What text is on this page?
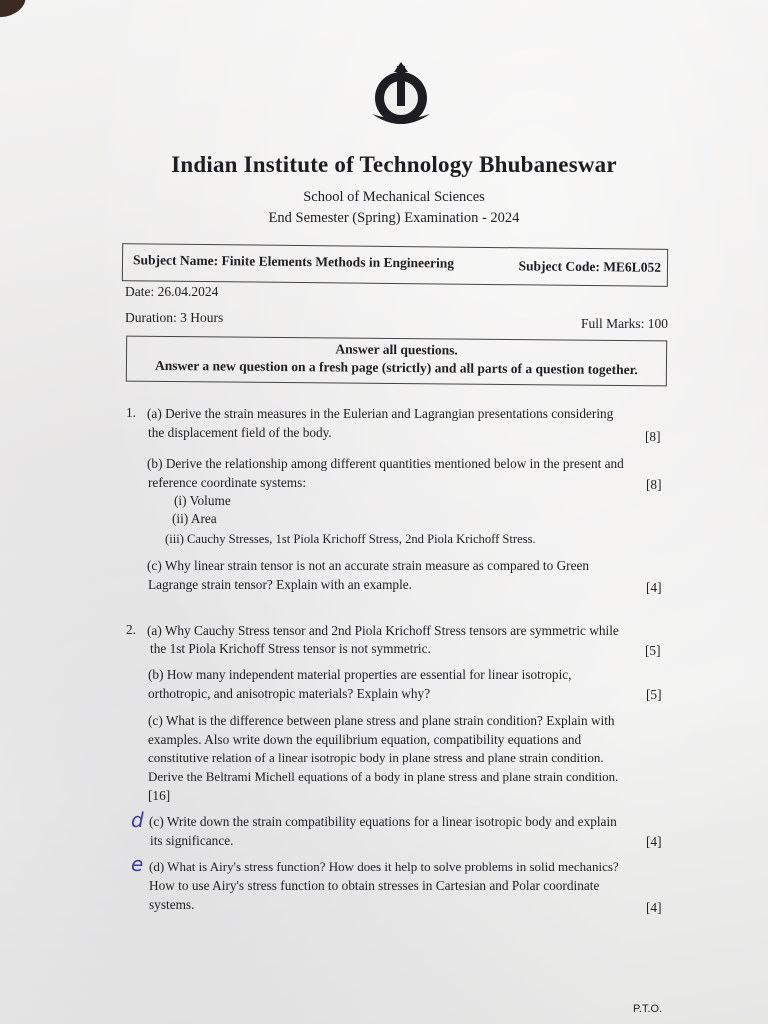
Indian Institute of Technology Bhubaneswar
School of Mechanical Sciences
End Semester (Spring) Examination - 2024
Subject Name: Finite Elements Methods in Engineering	Subject Code: ME6L052
Date: 26.04.2024
Duration: 3 Hours	Full Marks: 100
Answer all questions.
Answer a new question on a fresh page (strictly) and all parts of a question together.
1. (a) Derive the strain measures in the Eulerian and Lagrangian presentations considering
the displacement field of the body.	[8]
(b) Derive the relationship among different quantities mentioned below in the present and
reference coordinate systems:	[8]
(i) Volume
(ii) Area
(iii) Cauchy Stresses, 1st Piola Krichoff Stress, 2nd Piola Krichoff Stress.
(c) Why linear strain tensor is not an accurate strain measure as compared to Green
Lagrange strain tensor? Explain with an example.	[4]
2. (a) Why Cauchy Stress tensor and 2nd Piola Krichoff Stress tensors are symmetric while
the 1st Piola Krichoff Stress tensor is not symmetric.	[5]
(b) How many independent material properties are essential for linear isotropic,
orthotropic, and anisotropic materials? Explain why?	[5]
(c) What is the difference between plane stress and plane strain condition? Explain with
examples. Also write down the equilibrium equation, compatibility equations and
constitutive relation of a linear isotropic body in plane stress and plane strain condition.
Derive the Beltrami Michell equations of a body in plane stress and plane strain condition.
[16]
d (c) Write down the strain compatibility equations for a linear isotropic body and explain
its significance.	[4]
e (d) What is Airy's stress function? How does it help to solve problems in solid mechanics?
How to use Airy's stress function to obtain stresses in Cartesian and Polar coordinate
systems.	[4]
P.T.O.
